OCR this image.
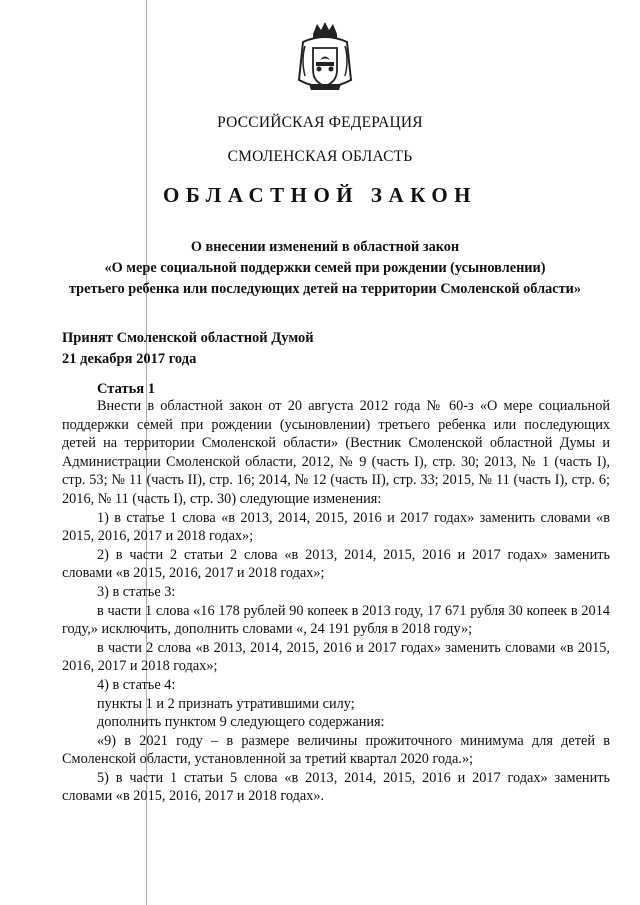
РОССИЙСКАЯ ФЕДЕРАЦИЯ
СМОЛЕНСКАЯ ОБЛАСТЬ
ОБЛАСТНОЙ ЗАКОН
О внесении изменений в областной закон
«О мере социальной поддержки семей при рождении (усыновлении)
третьего ребенка или последующих детей на территории Смоленской области»
Принят Смоленской областной Думой
21 декабря 2017 года
Статья 1

Внести в областной закон от 20 августа 2012 года № 60-з «О мере социальной поддержки семей при рождении (усыновлении) третьего ребенка или последующих детей на территории Смоленской области» (Вестник Смоленской областной Думы и Администрации Смоленской области, 2012, № 9 (часть I), стр. 30; 2013, № 1 (часть I), стр. 53; № 11 (часть II), стр. 16; 2014, № 12 (часть II), стр. 33; 2015, № 11 (часть I), стр. 6; 2016, № 11 (часть I), стр. 30) следующие изменения:

1) в статье 1 слова «в 2013, 2014, 2015, 2016 и 2017 годах» заменить словами «в 2015, 2016, 2017 и 2018 годах»;

2) в части 2 статьи 2 слова «в 2013, 2014, 2015, 2016 и 2017 годах» заменить словами «в 2015, 2016, 2017 и 2018 годах»;

3) в статье 3:

в части 1 слова «16 178 рублей 90 копеек в 2013 году, 17 671 рубля 30 копеек в 2014 году,» исключить, дополнить словами «, 24 191 рубля в 2018 году»;

в части 2 слова «в 2013, 2014, 2015, 2016 и 2017 годах» заменить словами «в 2015, 2016, 2017 и 2018 годах»;

4) в статье 4:

пункты 1 и 2 признать утратившими силу;

дополнить пунктом 9 следующего содержания:

«9) в 2021 году – в размере величины прожиточного минимума для детей в Смоленской области, установленной за третий квартал 2020 года.»;

5) в части 1 статьи 5 слова «в 2013, 2014, 2015, 2016 и 2017 годах» заменить словами «в 2015, 2016, 2017 и 2018 годах».
